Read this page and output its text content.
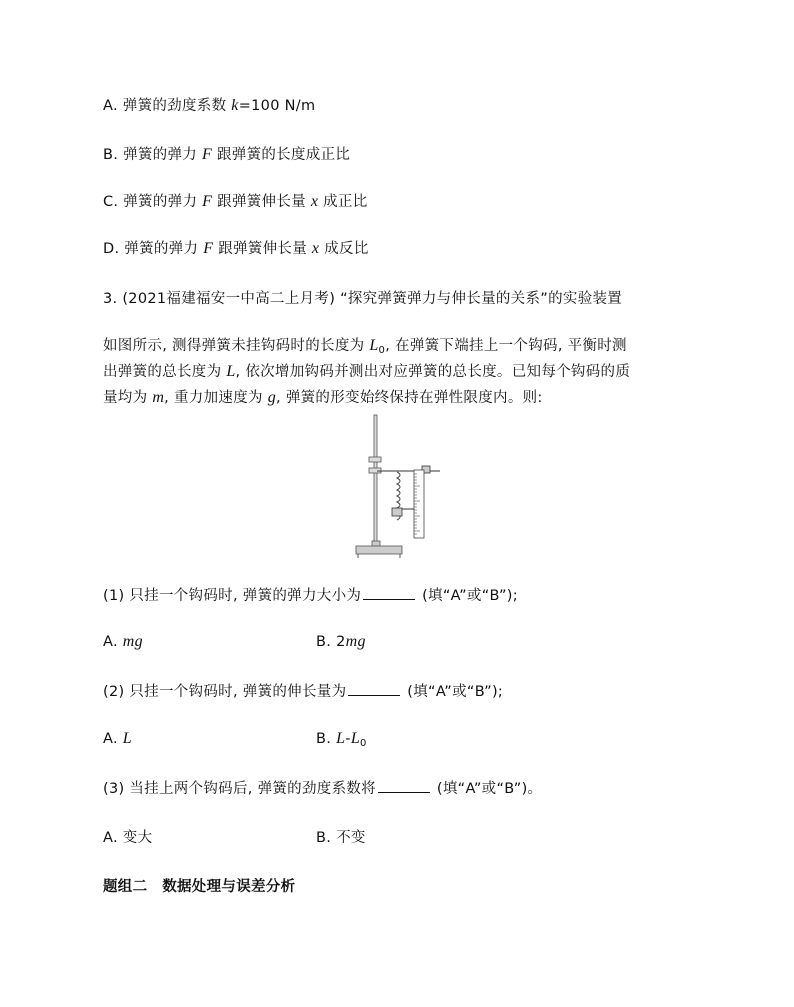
A. 弹簧的劲度系数 k=100 N/m
B. 弹簧的弹力 F 跟弹簧的长度成正比
C. 弹簧的弹力 F 跟弹簧伸长量 x 成正比
D. 弹簧的弹力 F 跟弹簧伸长量 x 成反比
3. (2021福建福安一中高二上月考) “探究弹簧弹力与伸长量的关系”的实验装置
如图所示, 测得弹簧未挂钩码时的长度为 $L_0$, 在弹簧下端挂上一个钩码, 平衡时测
出弹簧的总长度为 L, 依次增加钩码并测出对应弹簧的总长度。已知每个钩码的质
量均为 m, 重力加速度为 g, 弹簧的形变始终保持在弹性限度内。则:
(1) 只挂一个钩码时, 弹簧的弹力大小为	(填“A”或“B”);
A. mg	B. 2mg
(2) 只挂一个钩码时, 弹簧的伸长量为	(填“A”或“B”);
A. L	B. $L-L_0$
(3) 当挂上两个钩码后, 弹簧的劲度系数将	(填“A”或“B”)。
A. 变大	B. 不变
题组二　数据处理与误差分析
